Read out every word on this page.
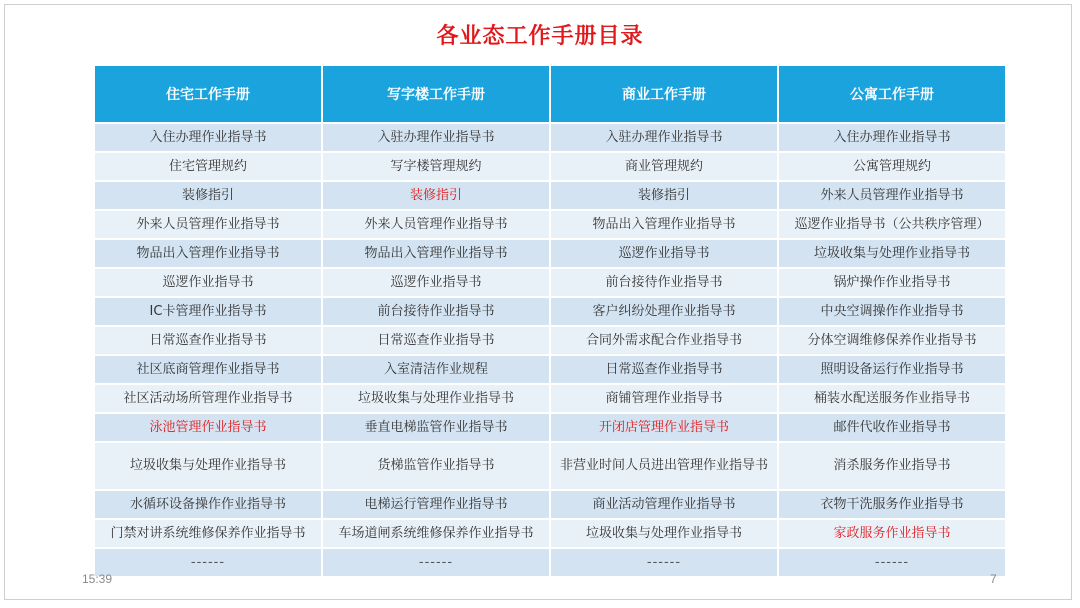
各业态工作手册目录
住宅工作手册	写字楼工作手册	商业工作手册	公寓工作手册
入住办理作业指导书	入驻办理作业指导书	入驻办理作业指导书	入住办理作业指导书
住宅管理规约	写字楼管理规约	商业管理规约	公寓管理规约
装修指引	装修指引	装修指引	外来人员管理作业指导书
外来人员管理作业指导书	外来人员管理作业指导书	物品出入管理作业指导书	巡逻作业指导书（公共秩序管理）
物品出入管理作业指导书	物品出入管理作业指导书	巡逻作业指导书	垃圾收集与处理作业指导书
巡逻作业指导书	巡逻作业指导书	前台接待作业指导书	锅炉操作作业指导书
IC卡管理作业指导书	前台接待作业指导书	客户纠纷处理作业指导书	中央空调操作作业指导书
日常巡查作业指导书	日常巡查作业指导书	合同外需求配合作业指导书	分体空调维修保养作业指导书
社区底商管理作业指导书	入室清洁作业规程	日常巡查作业指导书	照明设备运行作业指导书
社区活动场所管理作业指导书	垃圾收集与处理作业指导书	商铺管理作业指导书	桶装水配送服务作业指导书
泳池管理作业指导书	垂直电梯监管作业指导书	开闭店管理作业指导书	邮件代收作业指导书
垃圾收集与处理作业指导书	货梯监管作业指导书	非营业时间人员进出管理作业指导书	消杀服务作业指导书
水循环设备操作作业指导书	电梯运行管理作业指导书	商业活动管理作业指导书	衣物干洗服务作业指导书
门禁对讲系统维修保养作业指导书	车场道闸系统维修保养作业指导书	垃圾收集与处理作业指导书	家政服务作业指导书
------	------	------	------
15:39	7
